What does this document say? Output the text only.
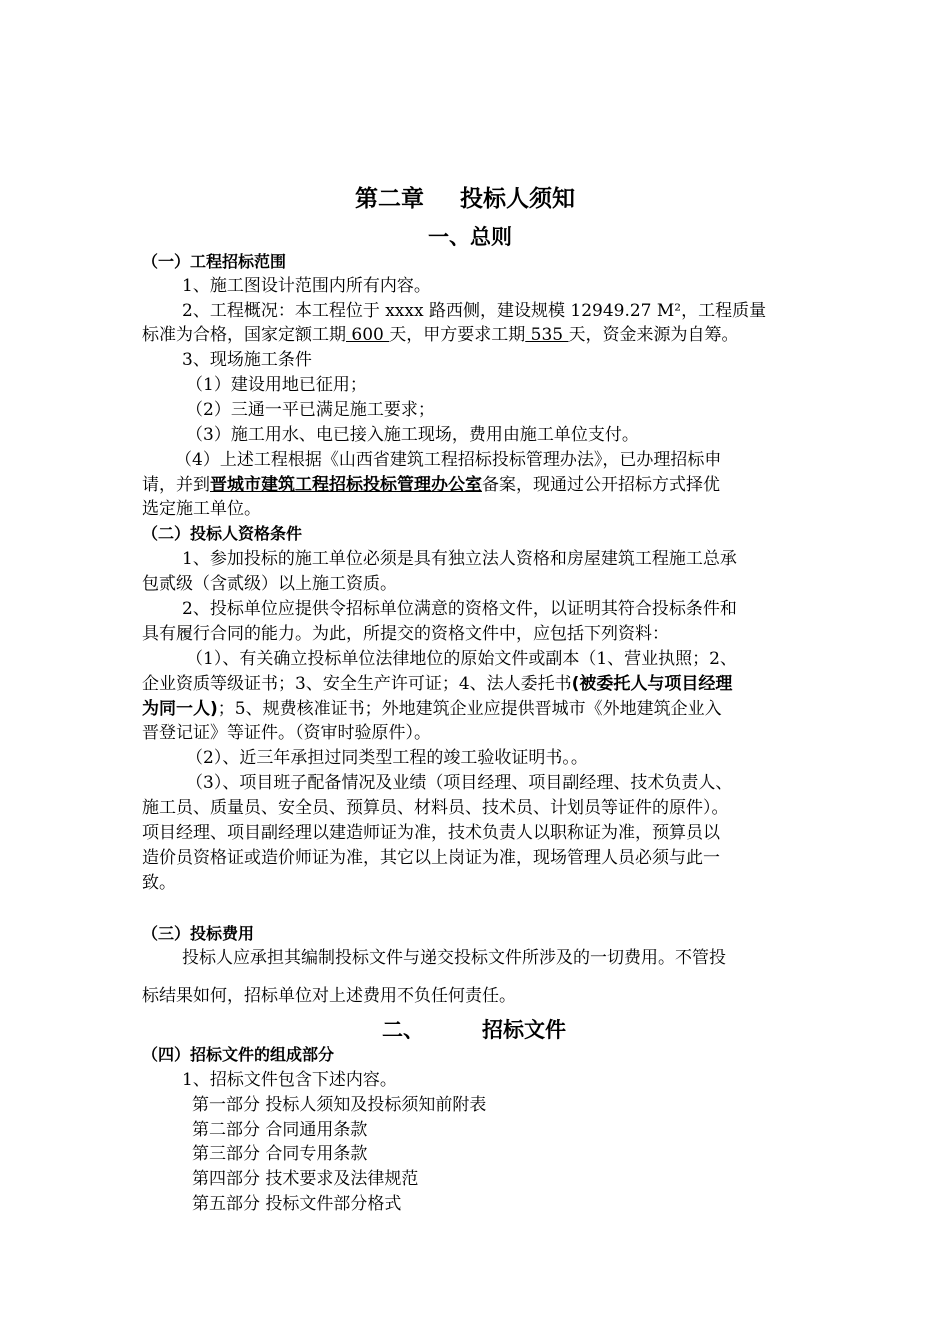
第二章 投标人须知
一、总则
（一）工程招标范围
1、施工图设计范围内所有内容。
2、工程概况：本工程位于 xxxx 路西侧，建设规模 12949.27 M²，工程质量
标准为合格，国家定额工期 600 天，甲方要求工期 535 天，资金来源为自筹。
3、现场施工条件
（1）建设用地已征用；
（2）三通一平已满足施工要求；
（3）施工用水、电已接入施工现场，费用由施工单位支付。
（4）上述工程根据《山西省建筑工程招标投标管理办法》，已办理招标申
请，并到晋城市建筑工程招标投标管理办公室备案，现通过公开招标方式择优
选定施工单位。
（二）投标人资格条件
1、参加投标的施工单位必须是具有独立法人资格和房屋建筑工程施工总承
包贰级（含贰级）以上施工资质。
2、投标单位应提供令招标单位满意的资格文件，以证明其符合投标条件和
具有履行合同的能力。为此，所提交的资格文件中，应包括下列资料：
（1）、有关确立投标单位法律地位的原始文件或副本（1、营业执照；2、
企业资质等级证书；3、安全生产许可证；4、法人委托书(被委托人与项目经理
为同一人)；5、规费核准证书；外地建筑企业应提供晋城市《外地建筑企业入
晋登记证》等证件。（资审时验原件）。
（2）、近三年承担过同类型工程的竣工验收证明书。。
（3）、项目班子配备情况及业绩（项目经理、项目副经理、技术负责人、
施工员、质量员、安全员、预算员、材料员、技术员、计划员等证件的原件）。
项目经理、项目副经理以建造师证为准，技术负责人以职称证为准，预算员以
造价员资格证或造价师证为准，其它以上岗证为准，现场管理人员必须与此一
致。
（三）投标费用
投标人应承担其编制投标文件与递交投标文件所涉及的一切费用。不管投
标结果如何，招标单位对上述费用不负任何责任。
二、	招标文件
（四）招标文件的组成部分
1、招标文件包含下述内容。
第一部分 投标人须知及投标须知前附表
第二部分 合同通用条款
第三部分 合同专用条款
第四部分 技术要求及法律规范
第五部分 投标文件部分格式
